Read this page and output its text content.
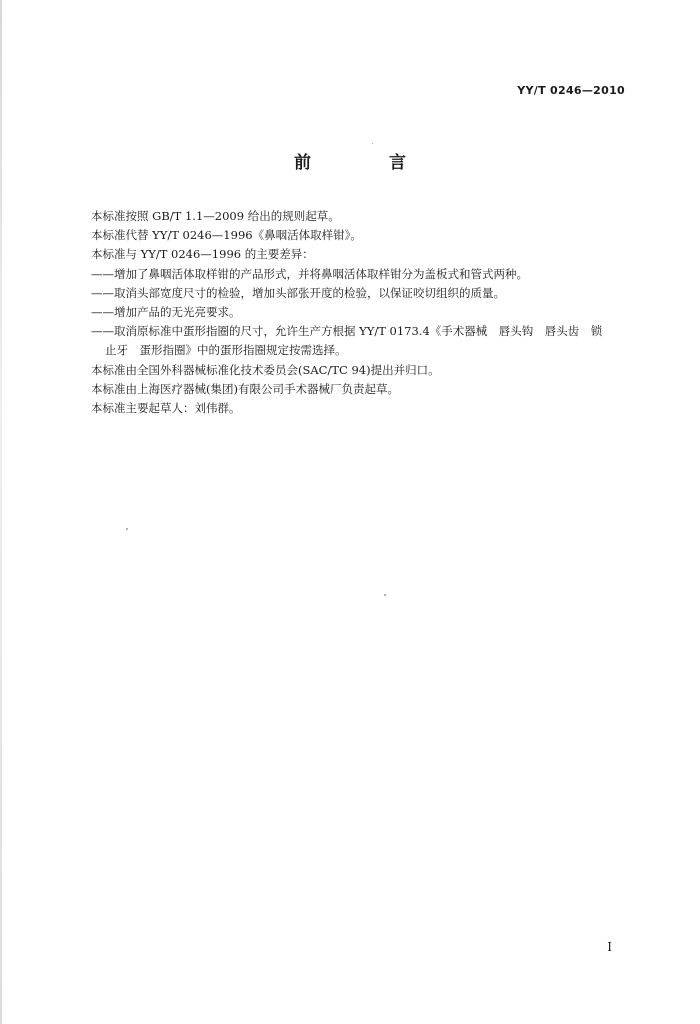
YY/T 0246—2010
前 言
本标准按照 GB/T 1.1—2009 给出的规则起草。
本标准代替 YY/T 0246—1996《鼻咽活体取样钳》。
本标准与 YY/T 0246—1996 的主要差异：
——增加了鼻咽活体取样钳的产品形式，并将鼻咽活体取样钳分为盖板式和管式两种。
——取消头部宽度尺寸的检验，增加头部张开度的检验，以保证咬切组织的质量。
——增加产品的无光亮要求。
——取消原标准中蛋形指圈的尺寸，允许生产方根据 YY/T 0173.4《手术器械　唇头钩　唇头齿　锁
止牙　蛋形指圈》中的蛋形指圈规定按需选择。
本标准由全国外科器械标准化技术委员会(SAC/TC 94)提出并归口。
本标准由上海医疗器械(集团)有限公司手术器械厂负责起草。
本标准主要起草人：刘伟群。
I
